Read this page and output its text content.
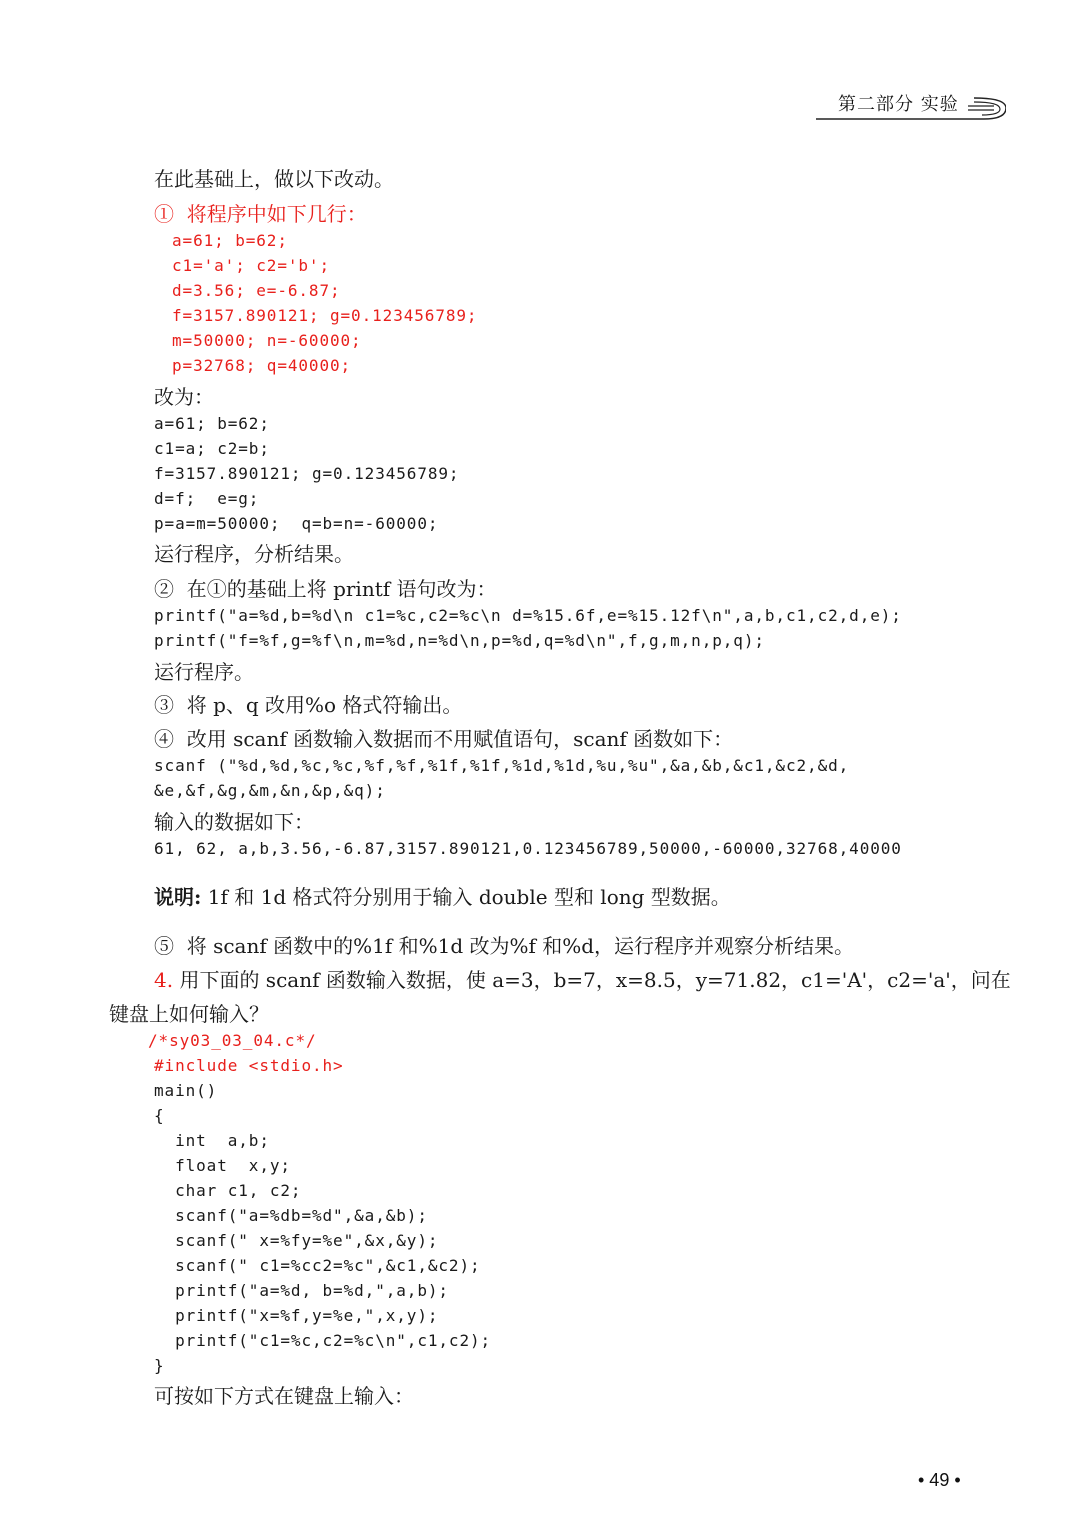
第二部分 实验
在此基础上，做以下改动。
①  将程序中如下几行：
a=61; b=62;
c1='a'; c2='b';
d=3.56; e=-6.87;
f=3157.890121; g=0.123456789;
m=50000; n=-60000;
p=32768; q=40000;
改为：
a=61; b=62;
c1=a; c2=b;
f=3157.890121; g=0.123456789;
d=f;  e=g;
p=a=m=50000;  q=b=n=-60000;
运行程序，分析结果。
②  在①的基础上将 printf 语句改为：
printf("a=%d,b=%d\n c1=%c,c2=%c\n d=%15.6f,e=%15.12f\n",a,b,c1,c2,d,e);
printf("f=%f,g=%f\n,m=%d,n=%d\n,p=%d,q=%d\n",f,g,m,n,p,q);
运行程序。
③  将 p、q 改用%o 格式符输出。
④  改用 scanf 函数输入数据而不用赋值语句，scanf 函数如下：
scanf ("%d,%d,%c,%c,%f,%f,%1f,%1f,%1d,%1d,%u,%u",&a,&b,&c1,&c2,&d,
&e,&f,&g,&m,&n,&p,&q);
输入的数据如下：
61, 62, a,b,3.56,-6.87,3157.890121,0.123456789,50000,-60000,32768,40000
说明: 1f 和 1d 格式符分别用于输入 double 型和 long 型数据。
⑤  将 scanf 函数中的%1f 和%1d 改为%f 和%d，运行程序并观察分析结果。
4. 用下面的 scanf 函数输入数据，使 a=3，b=7，x=8.5，y=71.82，c1='A'，c2='a'，问在
键盘上如何输入？
/*sy03_03_04.c*/
#include <stdio.h>
main()
{
int  a,b;
float  x,y;
char c1, c2;
scanf("a=%db=%d",&a,&b);
scanf(" x=%fy=%e",&x,&y);
scanf(" c1=%cc2=%c",&c1,&c2);
printf("a=%d, b=%d,",a,b);
printf("x=%f,y=%e,",x,y);
printf("c1=%c,c2=%c\n",c1,c2);
}
可按如下方式在键盘上输入：
• 49 •
